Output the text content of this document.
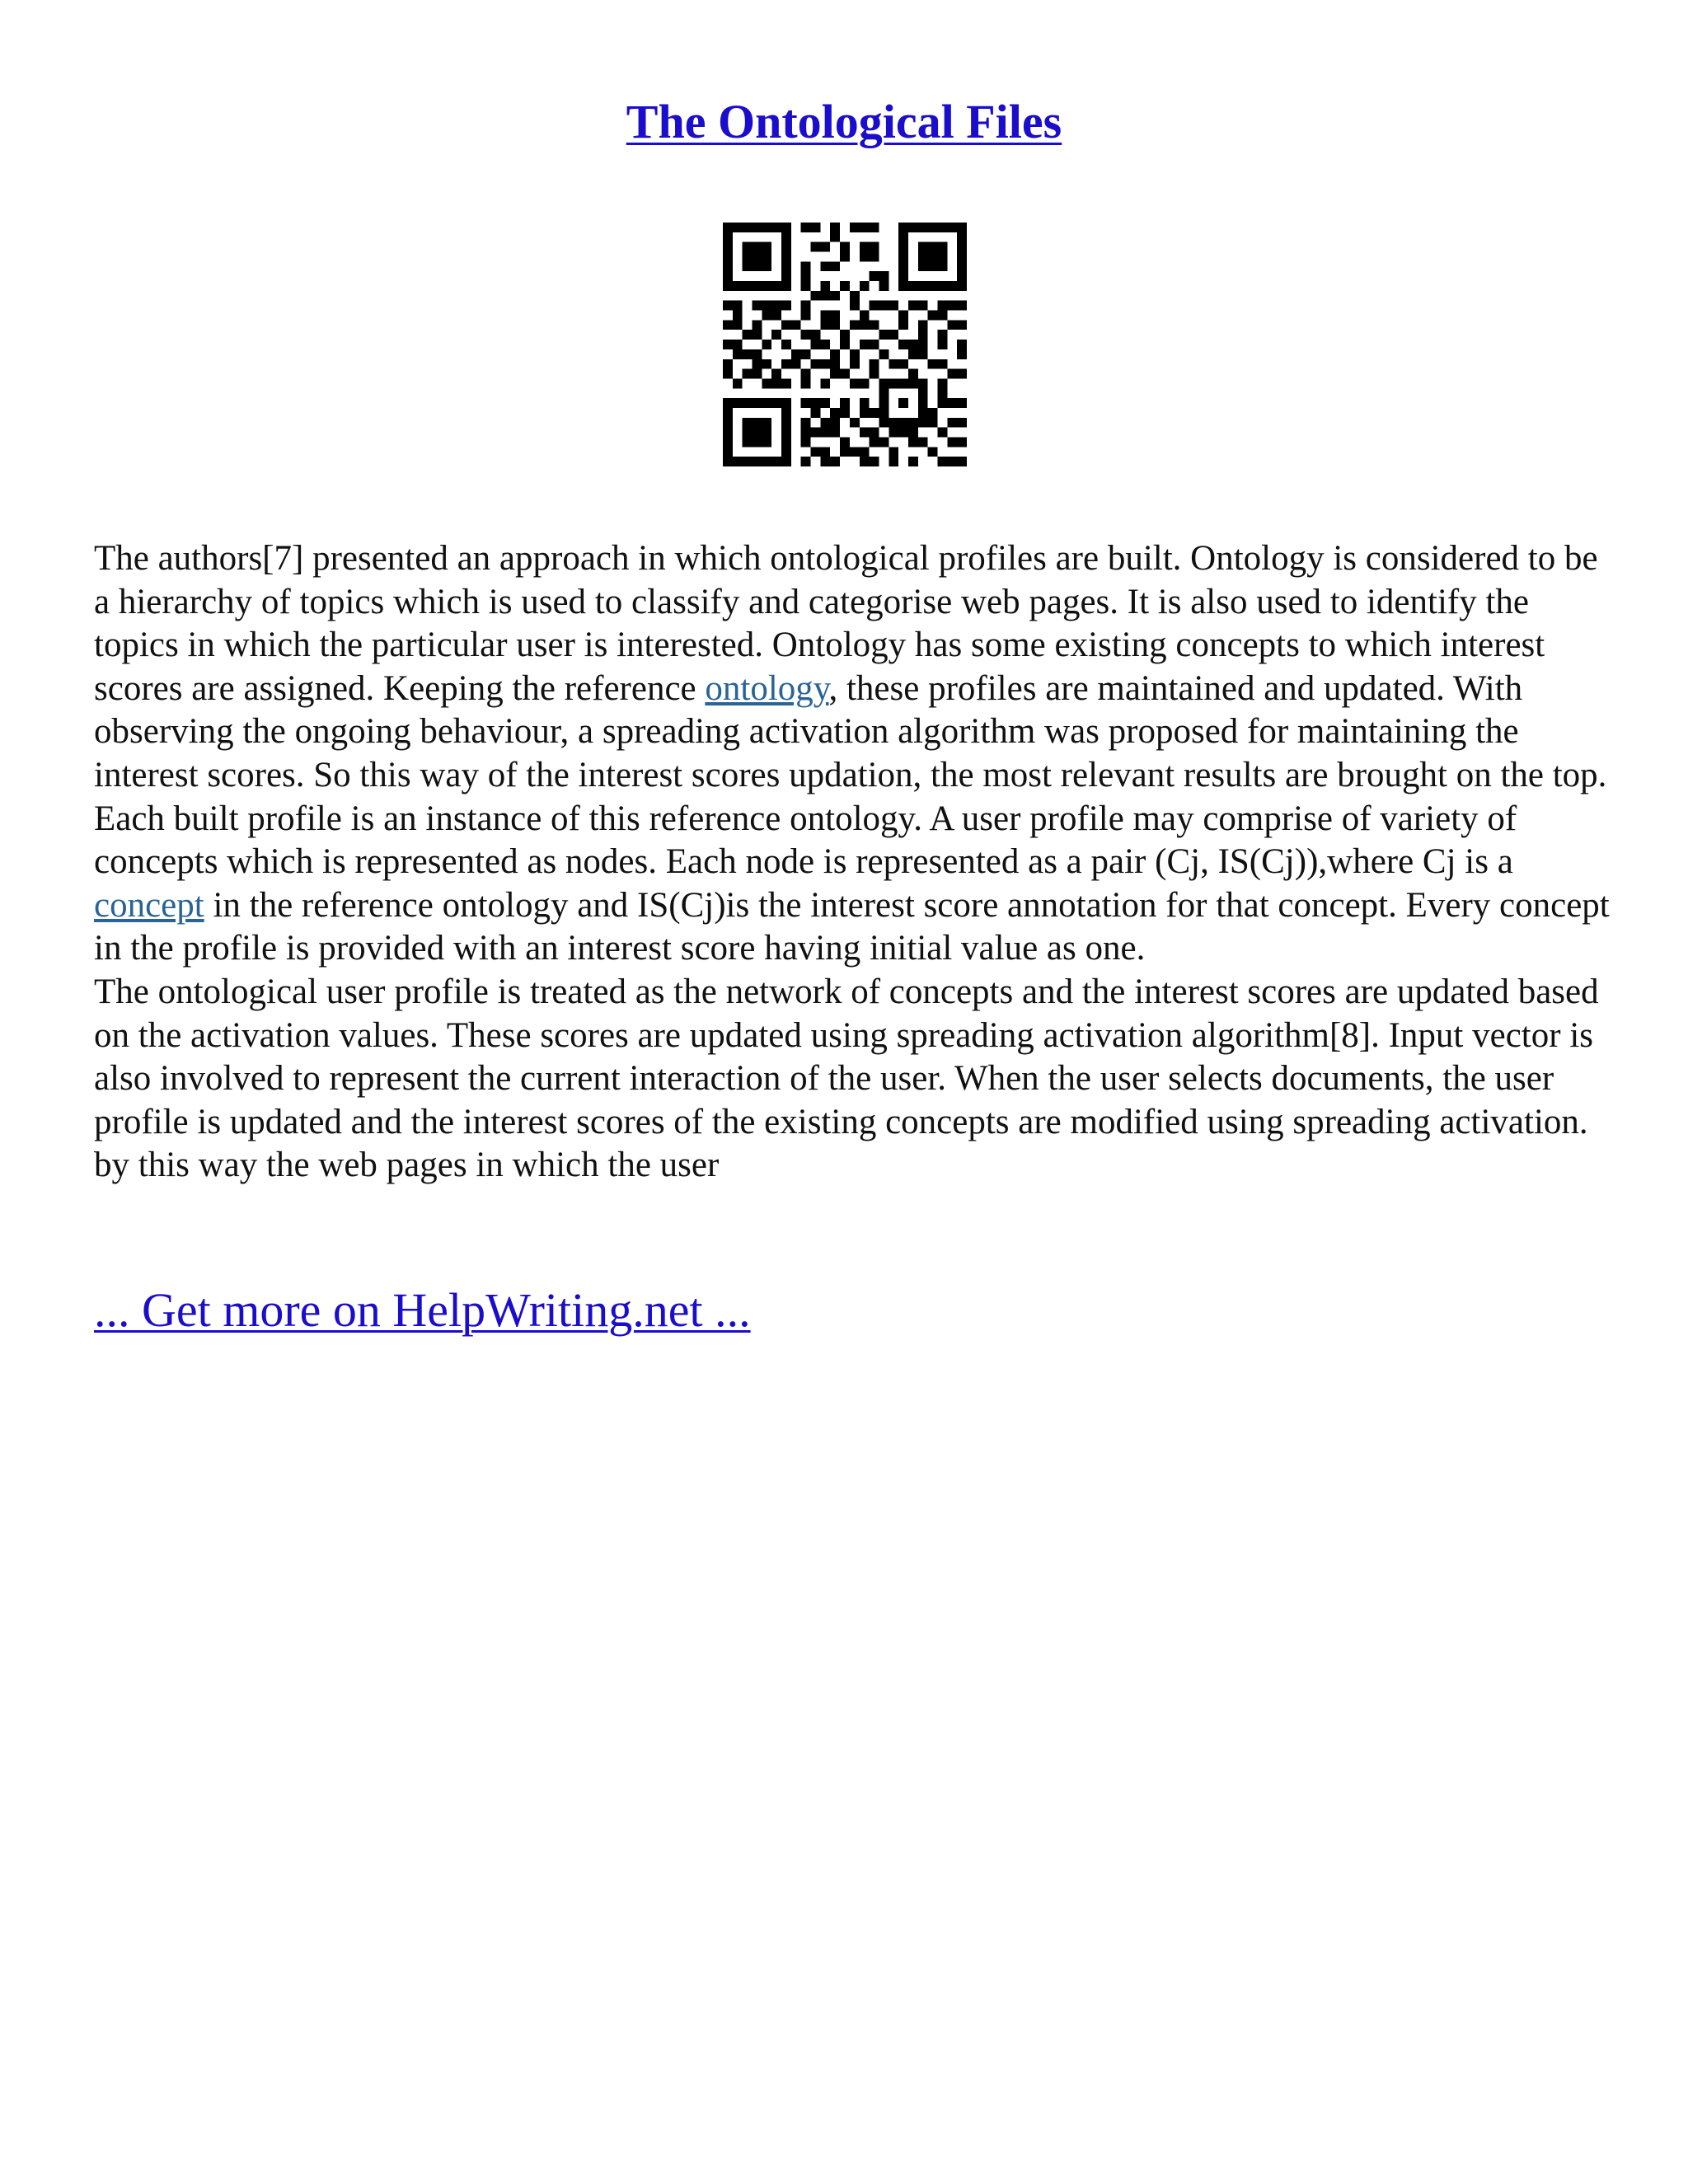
The Ontological Files

The authors[7] presented an approach in which ontological profiles are built. Ontology is considered to be a hierarchy of topics which is used to classify and categorise web pages. It is also used to identify the topics in which the particular user is interested. Ontology has some existing concepts to which interest scores are assigned. Keeping the reference ontology, these profiles are maintained and updated. With observing the ongoing behaviour, a spreading activation algorithm was proposed for maintaining the interest scores. So this way of the interest scores updation, the most relevant results are brought on the top.

Each built profile is an instance of this reference ontology. A user profile may comprise of variety of concepts which is represented as nodes. Each node is represented as a pair (Cj, IS(Cj)),where Cj is a concept in the reference ontology and IS(Cj)is the interest score annotation for that concept. Every concept in the profile is provided with an interest score having initial value as one.

The ontological user profile is treated as the network of concepts and the interest scores are updated based on the activation values. These scores are updated using spreading activation algorithm[8]. Input vector is also involved to represent the current interaction of the user. When the user selects documents, the user profile is updated and the interest scores of the existing concepts are modified using spreading activation. by this way the web pages in which the user

... Get more on HelpWriting.net ...
